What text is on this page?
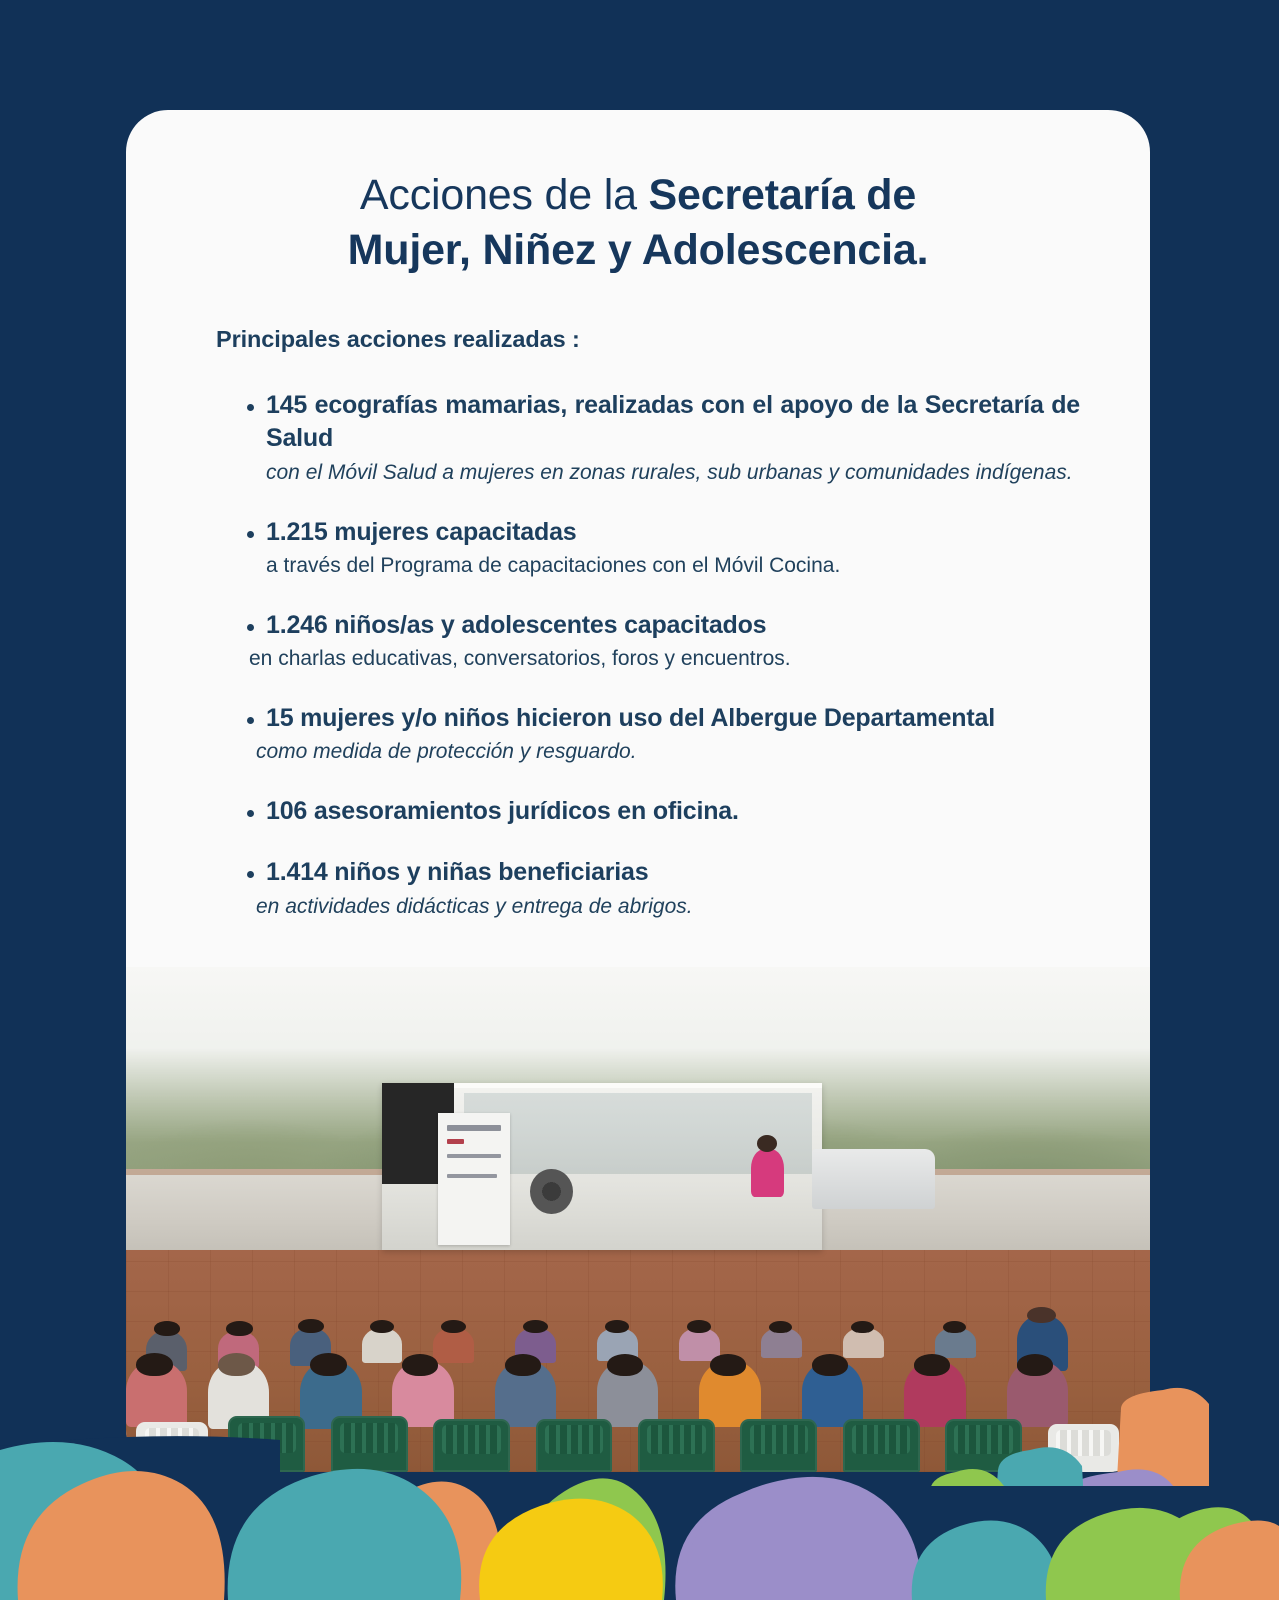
Acciones de la Secretaría de
Mujer, Niñez y Adolescencia.
Principales acciones realizadas :
145 ecografías mamarias, realizadas con el apoyo de la Secretaría de Salud
con el Móvil Salud a mujeres en zonas rurales, sub urbanas y comunidades indígenas.
1.215 mujeres capacitadas
a través del Programa de capacitaciones con el Móvil Cocina.
1.246 niños/as y adolescentes capacitados
en charlas educativas, conversatorios, foros y encuentros.
15 mujeres y/o niños hicieron uso del Albergue Departamental
como medida de protección y resguardo.
106 asesoramientos jurídicos en oficina.
1.414 niños y niñas beneficiarias
en actividades didácticas y entrega de abrigos.
